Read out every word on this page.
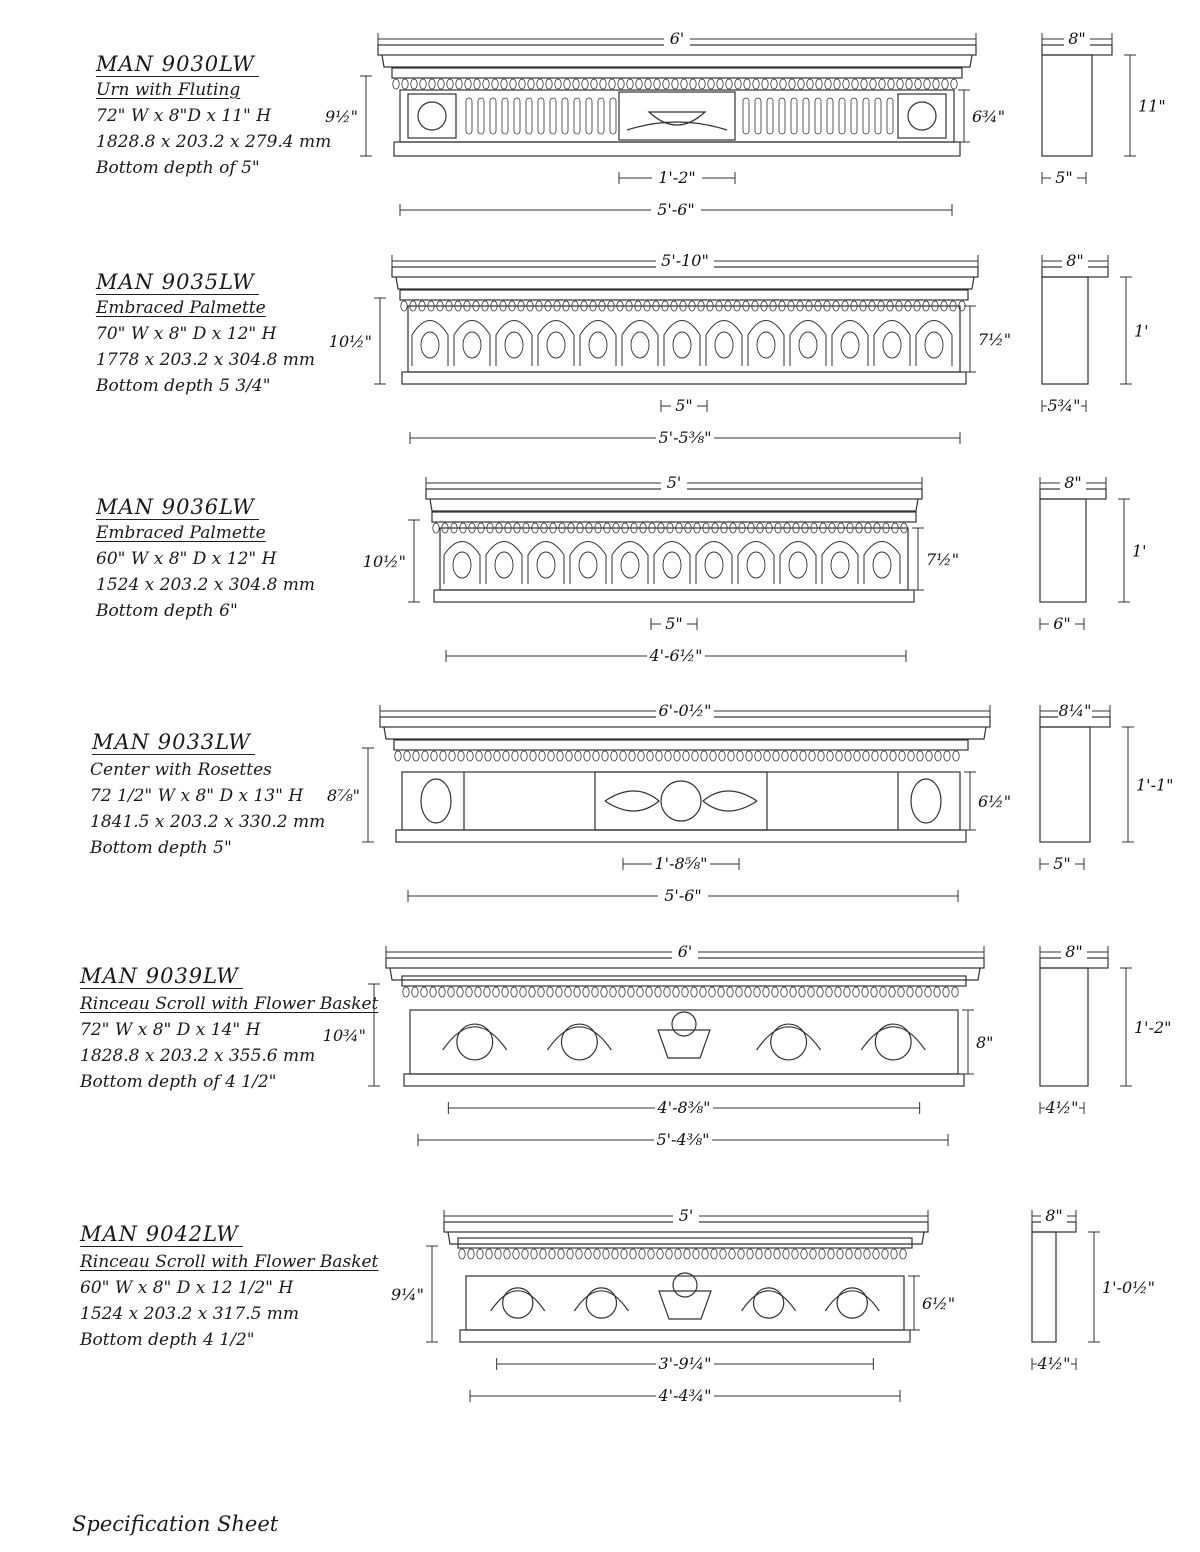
MAN 9030LW
Urn with Fluting
72" W x 8"D x 11" H
1828.8 x 203.2 x 279.4 mm
Bottom depth of 5"
MAN 9035LW
Embraced Palmette
70" W x 8" D x 12" H
1778 x 203.2 x 304.8 mm
Bottom depth 5 3/4"
MAN 9036LW
Embraced Palmette
60" W x 8" D x 12" H
1524 x 203.2 x 304.8 mm
Bottom depth 6"
MAN 9033LW
Center with Rosettes
72 1/2" W x 8" D x 13" H
1841.5 x 203.2 x 330.2 mm
Bottom depth 5"
MAN 9039LW
Rinceau Scroll with Flower Basket
72" W x 8" D x 14" H
1828.8 x 203.2 x 355.6 mm
Bottom depth of 4 1/2"
MAN 9042LW
Rinceau Scroll with Flower Basket
60" W x 8" D x 12 1/2" H
1524 x 203.2 x 317.5 mm
Bottom depth 4 1/2"
Specification Sheet
6'
9½"	6¾"
1'-2"
5'-6"
8"
11"
5"
5'-10"
10½"	7½"
5"
5'-5⅜"
8"
1'
5¾"
5'
10½"	7½"
5"
4'-6½"
8"
1'
6"
6'-0½"
8⅞"	6½"
1'-8⅝"
5'-6"
8¼"
1'-1"
5"
6'
10¾"	8"
4'-8⅜"
5'-4⅜"
8"
1'-2"
4½"
5'
9¼"	6½"
3'-9¼"
4'-4¾"
8"
1'-0½"
4½"
